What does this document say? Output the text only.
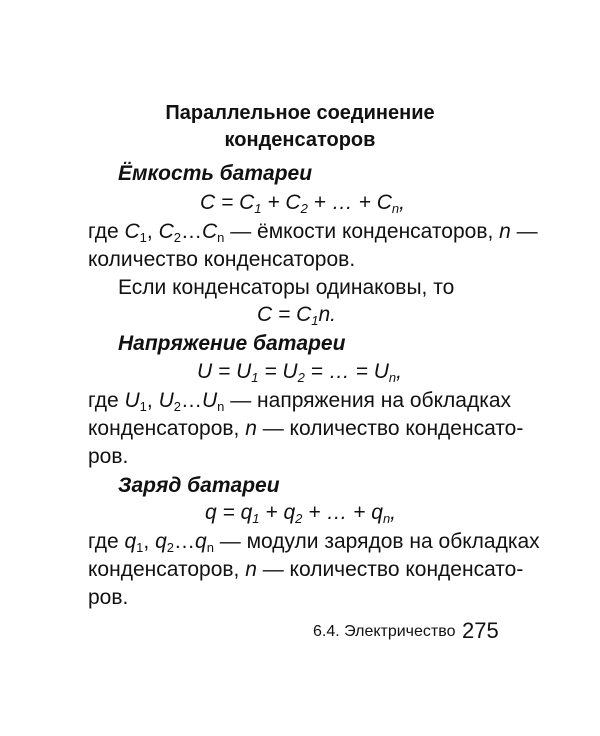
Параллельное соединение
конденсаторов
Ёмкость батареи
$C = C_1 + C_2$ + … + $C_n$,
где $C_1$, $C_2\dots C_n$ — ёмкости конденсаторов, n —
количество конденсаторов.
Если конденсаторы одинаковы, то
$C = C_1n$.
Напряжение батареи
$U = U_1 = U_2$ = … = $U_n$,
где $U_1$, $U_2\dots U_n$ — напряжения на обкладках
конденсаторов, n — количество конденсато-
ров.
Заряд батареи
$q = q_1 + q_2$ + … + $q_n$,
где $q_1$, $q_2\dots q_n$ — модули зарядов на обкладках
конденсаторов, n — количество конденсато-
ров.
6.4. Электричество 275
